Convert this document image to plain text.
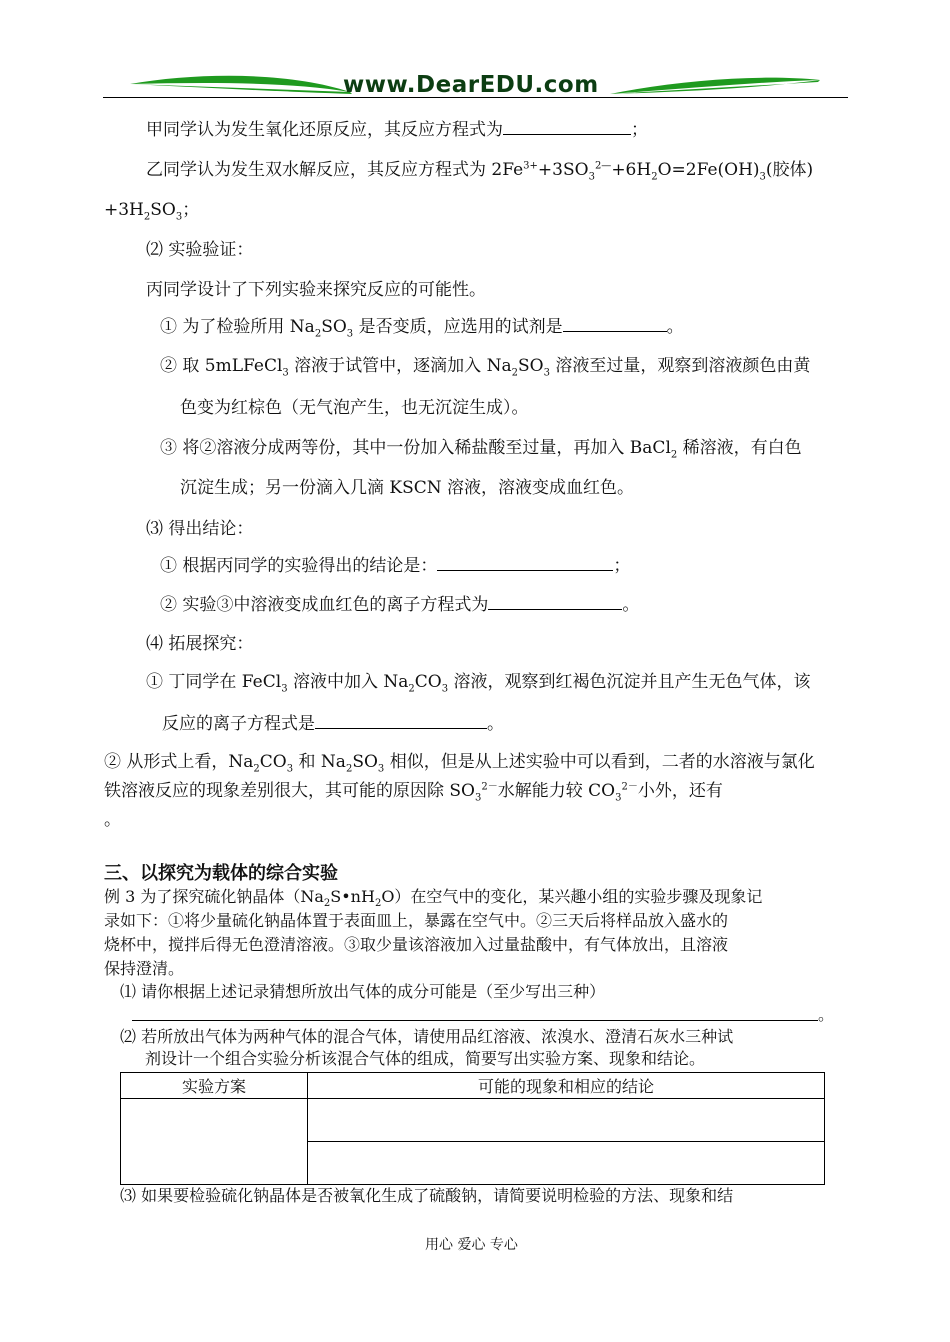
www.DearEDU.com
甲同学认为发生氧化还原反应，其反应方程式为	；
乙同学认为发生双水解反应，其反应方程式为 $2Fe^{3+}+3SO_3^{2—}+6H_2O=2Fe(OH)_3$(胶体)
$+3H_2SO_3$；
⑵ 实验验证：
丙同学设计了下列实验来探究反应的可能性。
① 为了检验所用 $Na_2SO_3$ 是否变质，应选用的试剂是	。
② 取 5mLFeCl$_3$ 溶液于试管中，逐滴加入 $Na_2SO_3$ 溶液至过量，观察到溶液颜色由黄
色变为红棕色（无气泡产生，也无沉淀生成）。
③ 将②溶液分成两等份，其中一份加入稀盐酸至过量，再加入 BaCl$_2$ 稀溶液，有白色
沉淀生成；另一份滴入几滴 KSCN 溶液，溶液变成血红色。
⑶ 得出结论：
① 根据丙同学的实验得出的结论是：	；
② 实验③中溶液变成血红色的离子方程式为	。
⑷ 拓展探究：
① 丁同学在 FeCl$_3$ 溶液中加入 $Na_2CO_3$ 溶液，观察到红褐色沉淀并且产生无色气体，该
反应的离子方程式是	。
② 从形式上看，$Na_2CO_3$ 和 $Na_2SO_3$ 相似，但是从上述实验中可以看到，二者的水溶液与氯化
铁溶液反应的现象差别很大，其可能的原因除 $SO_3^{2-}$水解能力较 $CO_3^{2-}$小外，还有
。
三、以探究为载体的综合实验
例 3 为了探究硫化钠晶体$(Na_2S•nH_2O)$在空气中的变化，某兴趣小组的实验步骤及现象记
录如下：①将少量硫化钠晶体置于表面皿上，暴露在空气中。②三天后将样品放入盛水的
烧杯中，搅拌后得无色澄清溶液。③取少量该溶液加入过量盐酸中，有气体放出，且溶液
保持澄清。
⑴ 请你根据上述记录猜想所放出气体的成分可能是（至少写出三种）
。
⑵ 若所放出气体为两种气体的混合气体，请使用品红溶液、浓溴水、澄清石灰水三种试
剂设计一个组合实验分析该混合气体的组成，简要写出实验方案、现象和结论。
实验方案	可能的现象和相应的结论

⑶ 如果要检验硫化钠晶体是否被氧化生成了硫酸钠，请简要说明检验的方法、现象和结
用心 爱心 专心
